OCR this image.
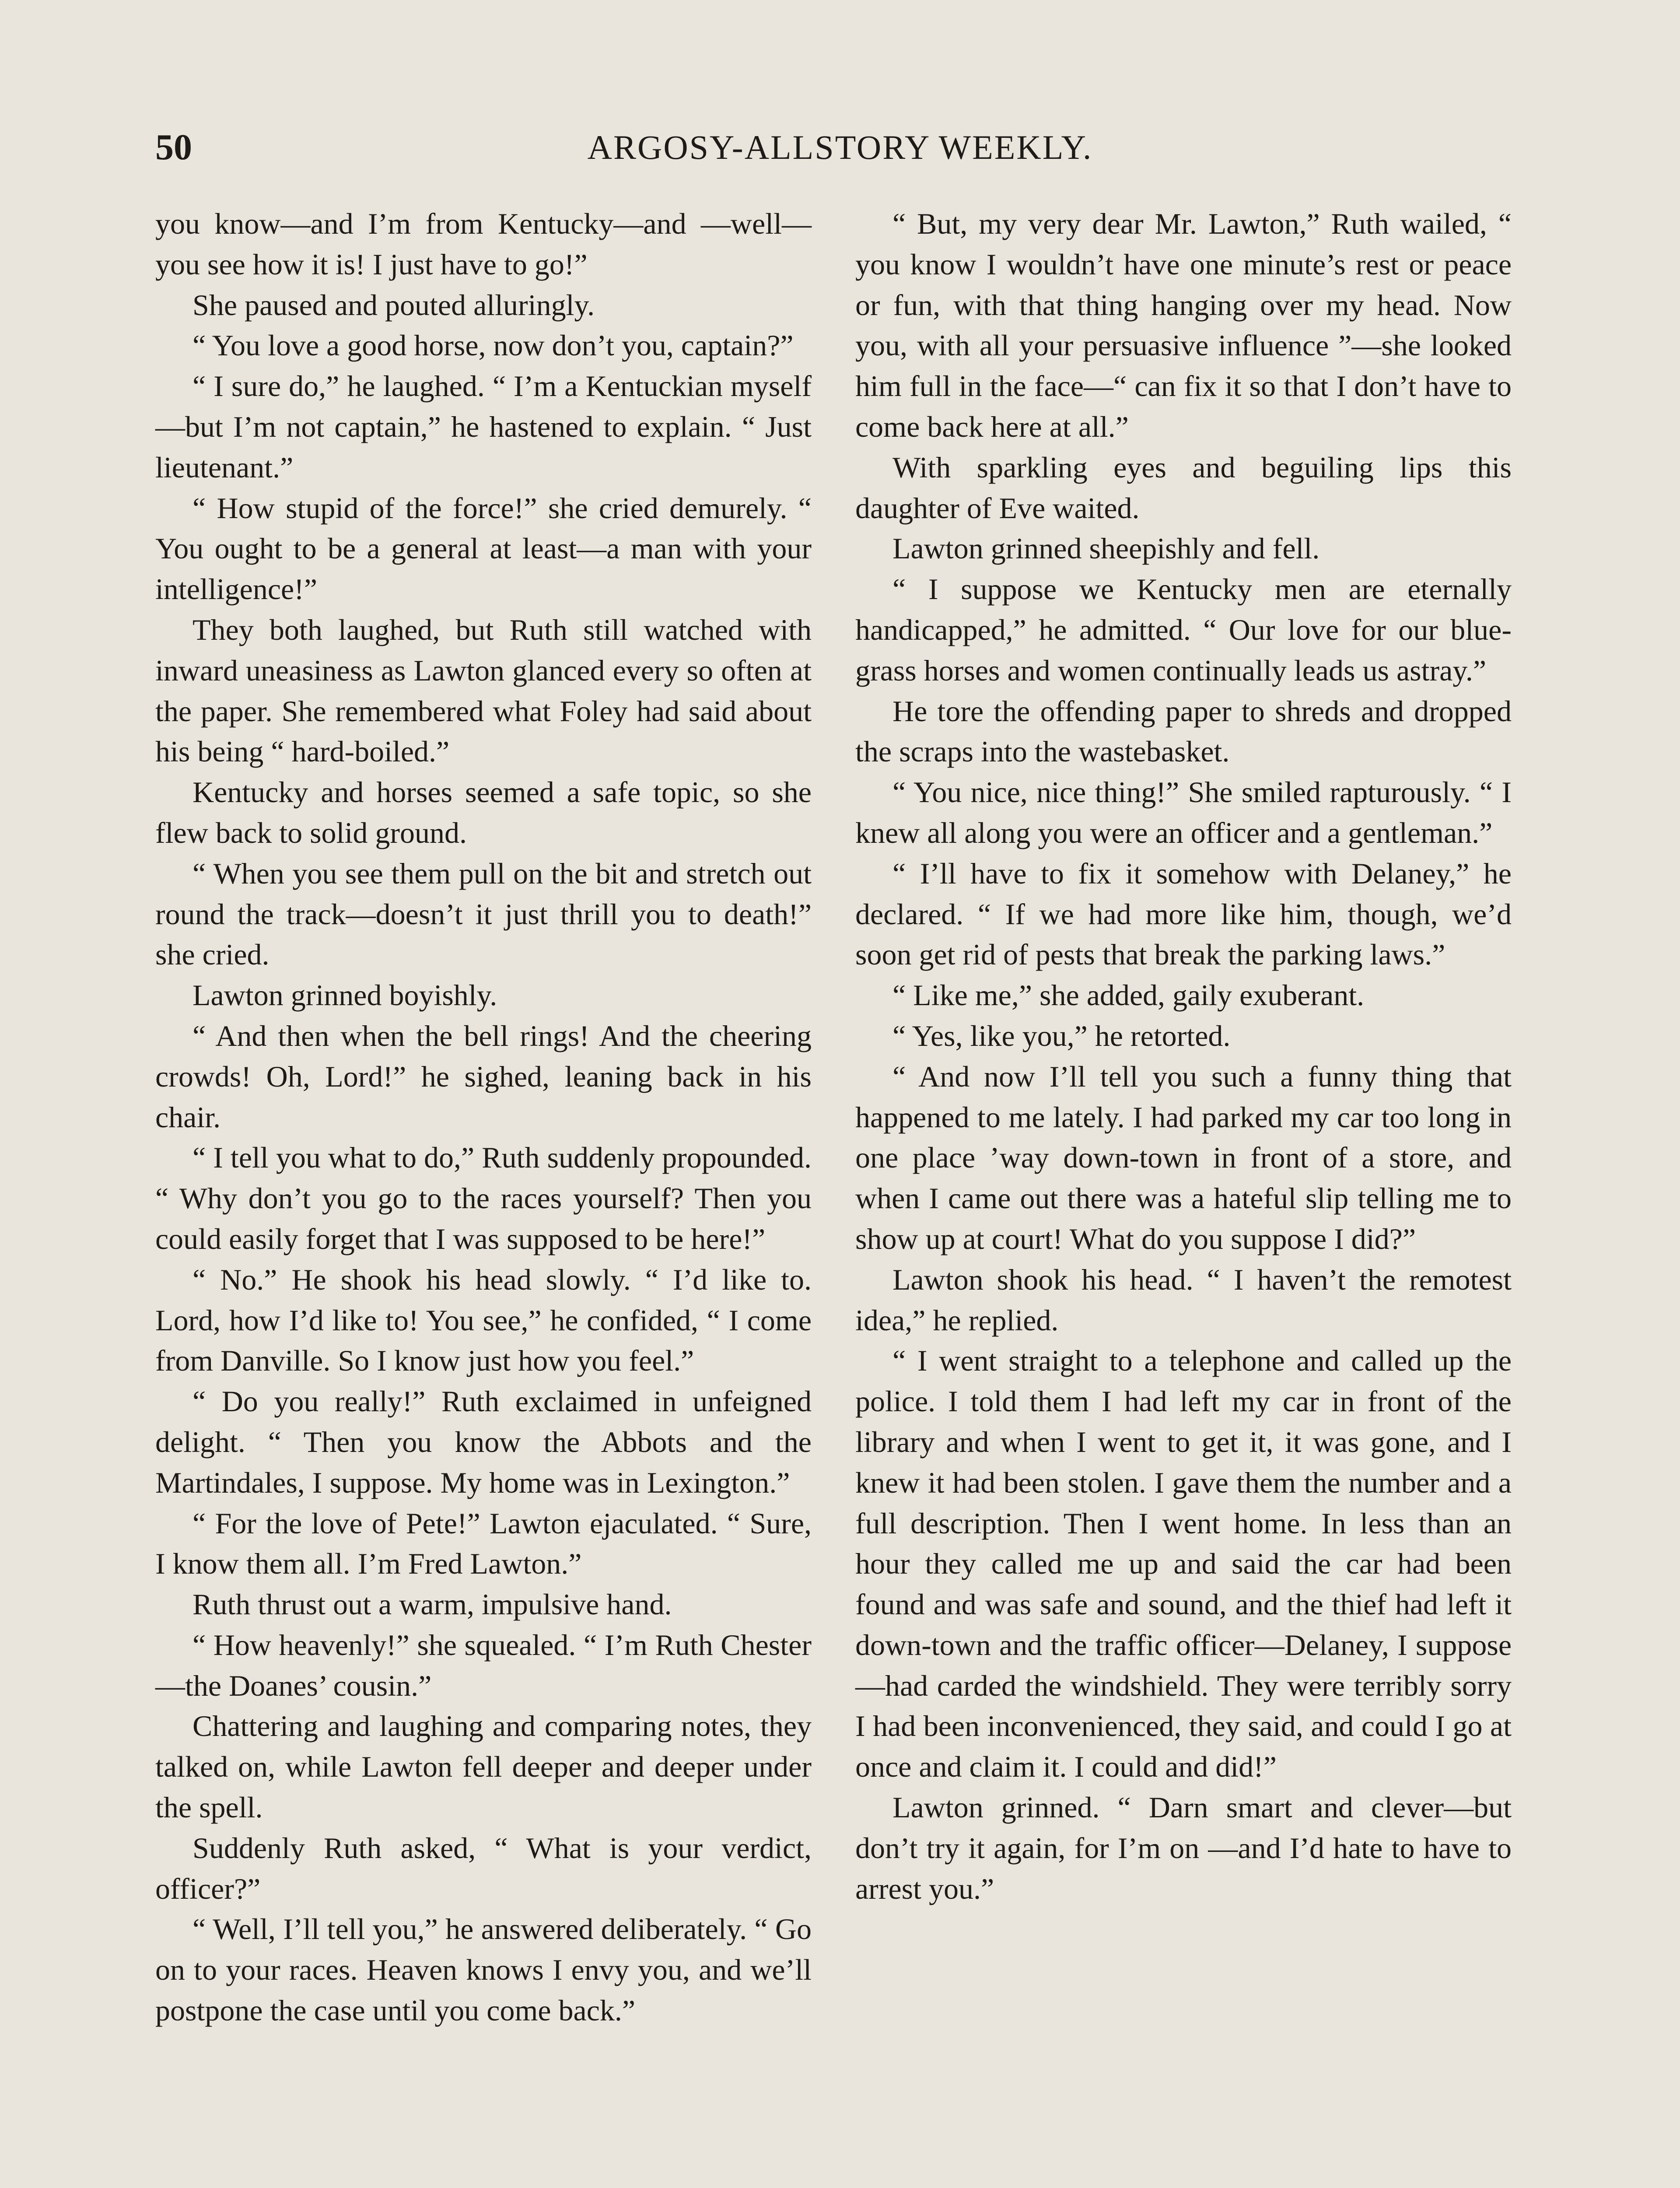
50	ARGOSY-ALLSTORY WEEKLY.

you know—and I’m from Kentucky—and —well—you see how it is! I just have to go!”

She paused and pouted alluringly.

“ You love a good horse, now don’t you, captain?”

“ I sure do,” he laughed. “ I’m a Kentuckian myself—but I’m not captain,” he hastened to explain. “ Just lieutenant.”

“ How stupid of the force!” she cried demurely. “ You ought to be a general at least—a man with your intelligence!”

They both laughed, but Ruth still watched with inward uneasiness as Lawton glanced every so often at the paper. She remembered what Foley had said about his being “ hard-boiled.”

Kentucky and horses seemed a safe topic, so she flew back to solid ground.

“ When you see them pull on the bit and stretch out round the track—doesn’t it just thrill you to death!” she cried.

Lawton grinned boyishly.

“ And then when the bell rings! And the cheering crowds! Oh, Lord!” he sighed, leaning back in his chair.

“ I tell you what to do,” Ruth suddenly propounded. “ Why don’t you go to the races yourself? Then you could easily forget that I was supposed to be here!”

“ No.” He shook his head slowly. “ I’d like to. Lord, how I’d like to! You see,” he confided, “ I come from Danville. So I know just how you feel.”

“ Do you really!” Ruth exclaimed in unfeigned delight. “ Then you know the Abbots and the Martindales, I suppose. My home was in Lexington.”

“ For the love of Pete!” Lawton ejaculated. “ Sure, I know them all. I’m Fred Lawton.”

Ruth thrust out a warm, impulsive hand.

“ How heavenly!” she squealed. “ I’m Ruth Chester—the Doanes’ cousin.”

Chattering and laughing and comparing notes, they talked on, while Lawton fell deeper and deeper under the spell.

Suddenly Ruth asked, “ What is your verdict, officer?”

“ Well, I’ll tell you,” he answered deliberately. “ Go on to your races. Heaven knows I envy you, and we’ll postpone the case until you come back.”

“ But, my very dear Mr. Lawton,” Ruth wailed, “ you know I wouldn’t have one minute’s rest or peace or fun, with that thing hanging over my head. Now you, with all your persuasive influence ”—she looked him full in the face—“ can fix it so that I don’t have to come back here at all.”

With sparkling eyes and beguiling lips this daughter of Eve waited.

Lawton grinned sheepishly and fell.

“ I suppose we Kentucky men are eternally handicapped,” he admitted. “ Our love for our blue-grass horses and women continually leads us astray.”

He tore the offending paper to shreds and dropped the scraps into the wastebasket.

“ You nice, nice thing!” She smiled rapturously. “ I knew all along you were an officer and a gentleman.”

“ I’ll have to fix it somehow with Delaney,” he declared. “ If we had more like him, though, we’d soon get rid of pests that break the parking laws.”

“ Like me,” she added, gaily exuberant.

“ Yes, like you,” he retorted.

“ And now I’ll tell you such a funny thing that happened to me lately. I had parked my car too long in one place ’way down-town in front of a store, and when I came out there was a hateful slip telling me to show up at court! What do you suppose I did?”

Lawton shook his head. “ I haven’t the remotest idea,” he replied.

“ I went straight to a telephone and called up the police. I told them I had left my car in front of the library and when I went to get it, it was gone, and I knew it had been stolen. I gave them the number and a full description. Then I went home. In less than an hour they called me up and said the car had been found and was safe and sound, and the thief had left it down-town and the traffic officer—Delaney, I suppose—had carded the windshield. They were terribly sorry I had been inconvenienced, they said, and could I go at once and claim it. I could and did!”

Lawton grinned. “ Darn smart and clever—but don’t try it again, for I’m on —and I’d hate to have to arrest you.”
